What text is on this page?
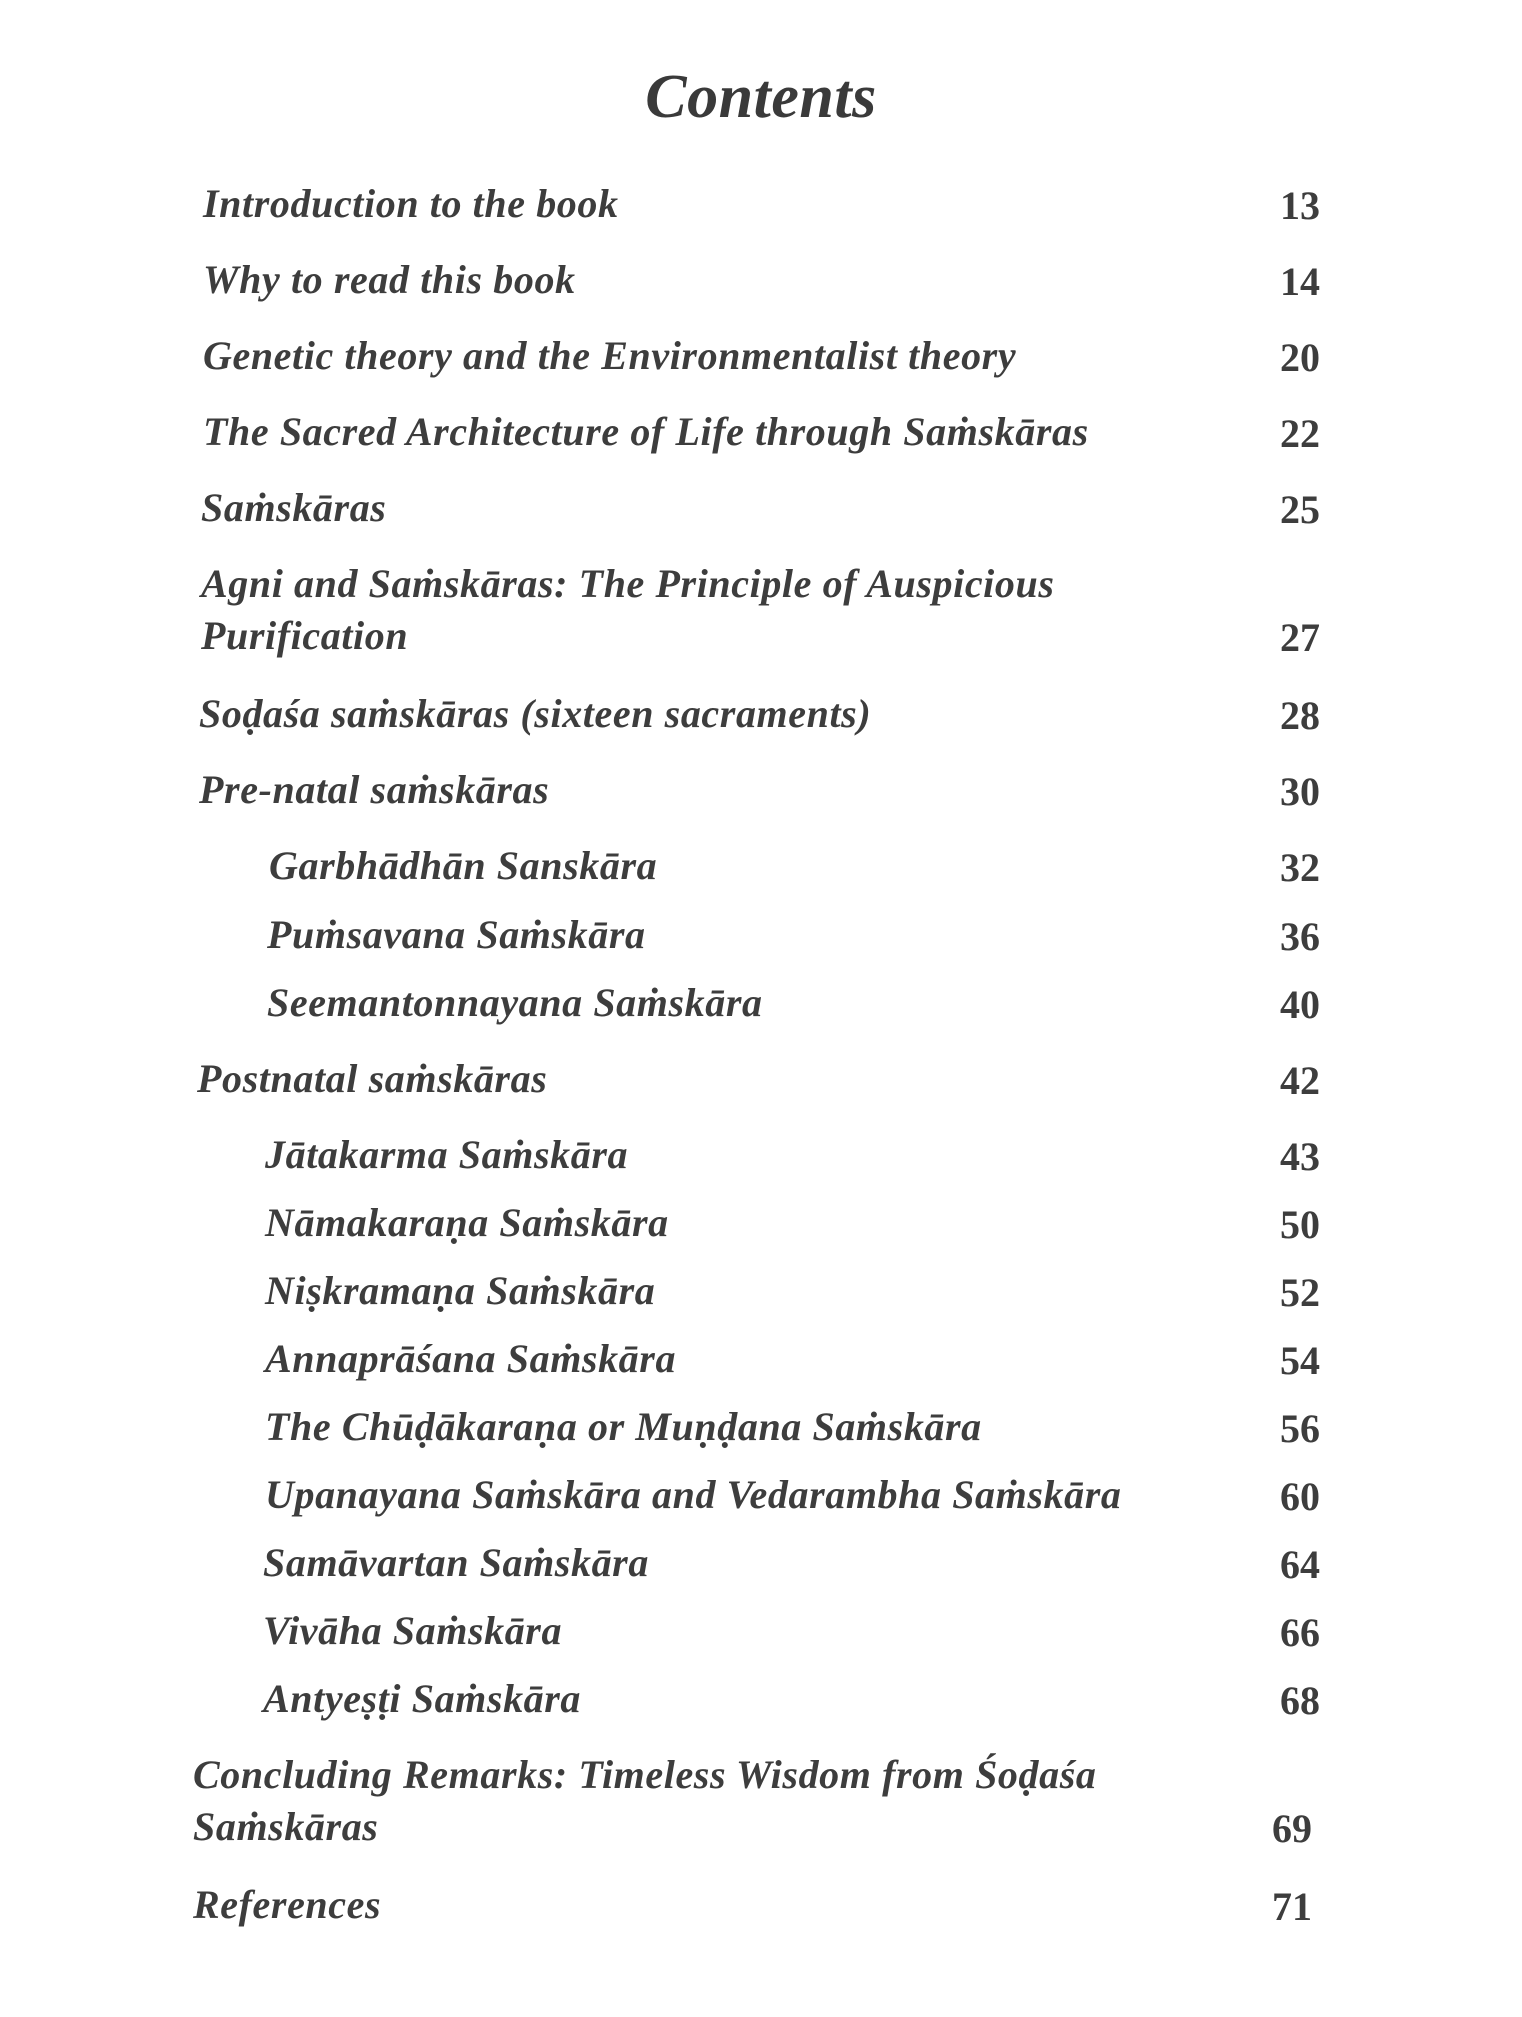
Contents
Introduction to the book	13
Why to read this book	14
Genetic theory and the Environmentalist theory	20
The Sacred Architecture of Life through Saṁskāras	22
Saṁskāras	25
Agni and Saṁskāras: The Principle of Auspicious
Purification	27
Soḍaśa saṁskāras (sixteen sacraments)	28
Pre-natal saṁskāras	30
Garbhādhān Sanskāra	32
Puṁsavana Saṁskāra	36
Seemantonnayana Saṁskāra	40
Postnatal saṁskāras	42
Jātakarma Saṁskāra	43
Nāmakaraṇa Saṁskāra	50
Niṣkramaṇa Saṁskāra	52
Annaprāśana Saṁskāra	54
The Chūḍākaraṇa or Muṇḍana Saṁskāra	56
Upanayana Saṁskāra and Vedarambha Saṁskāra	60
Samāvartan Saṁskāra	64
Vivāha Saṁskāra	66
Antyeṣṭi Saṁskāra	68
Concluding Remarks: Timeless Wisdom from Śoḍaśa
Saṁskāras	69
References	71
